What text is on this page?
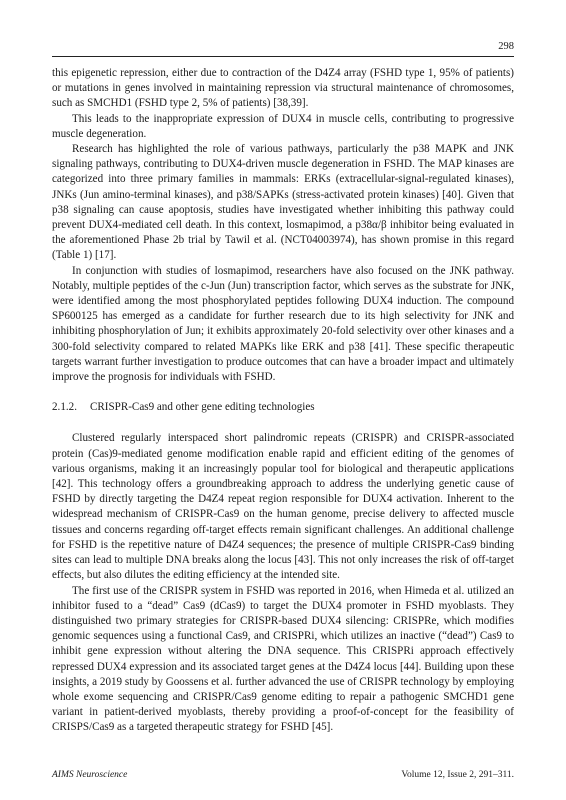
298

this epigenetic repression, either due to contraction of the D4Z4 array (FSHD type 1, 95% of patients) or mutations in genes involved in maintaining repression via structural maintenance of chromosomes, such as SMCHD1 (FSHD type 2, 5% of patients) [38,39].

This leads to the inappropriate expression of DUX4 in muscle cells, contributing to progressive muscle degeneration.

Research has highlighted the role of various pathways, particularly the p38 MAPK and JNK signaling pathways, contributing to DUX4-driven muscle degeneration in FSHD. The MAP kinases are categorized into three primary families in mammals: ERKs (extracellular-signal-regulated kinases), JNKs (Jun amino-terminal kinases), and p38/SAPKs (stress-activated protein kinases) [40]. Given that p38 signaling can cause apoptosis, studies have investigated whether inhibiting this pathway could prevent DUX4-mediated cell death. In this context, losmapimod, a p38α/β inhibitor being evaluated in the aforementioned Phase 2b trial by Tawil et al. (NCT04003974), has shown promise in this regard (Table 1) [17].

In conjunction with studies of losmapimod, researchers have also focused on the JNK pathway. Notably, multiple peptides of the c-Jun (Jun) transcription factor, which serves as the substrate for JNK, were identified among the most phosphorylated peptides following DUX4 induction. The compound SP600125 has emerged as a candidate for further research due to its high selectivity for JNK and inhibiting phosphorylation of Jun; it exhibits approximately 20-fold selectivity over other kinases and a 300-fold selectivity compared to related MAPKs like ERK and p38 [41]. These specific therapeutic targets warrant further investigation to produce outcomes that can have a broader impact and ultimately improve the prognosis for individuals with FSHD.

2.1.2. CRISPR-Cas9 and other gene editing technologies

Clustered regularly interspaced short palindromic repeats (CRISPR) and CRISPR-associated protein (Cas)9-mediated genome modification enable rapid and efficient editing of the genomes of various organisms, making it an increasingly popular tool for biological and therapeutic applications [42]. This technology offers a groundbreaking approach to address the underlying genetic cause of FSHD by directly targeting the D4Z4 repeat region responsible for DUX4 activation. Inherent to the widespread mechanism of CRISPR-Cas9 on the human genome, precise delivery to affected muscle tissues and concerns regarding off-target effects remain significant challenges. An additional challenge for FSHD is the repetitive nature of D4Z4 sequences; the presence of multiple CRISPR-Cas9 binding sites can lead to multiple DNA breaks along the locus [43]. This not only increases the risk of off-target effects, but also dilutes the editing efficiency at the intended site.

The first use of the CRISPR system in FSHD was reported in 2016, when Himeda et al. utilized an inhibitor fused to a “dead” Cas9 (dCas9) to target the DUX4 promoter in FSHD myoblasts. They distinguished two primary strategies for CRISPR-based DUX4 silencing: CRISPRe, which modifies genomic sequences using a functional Cas9, and CRISPRi, which utilizes an inactive (“dead”) Cas9 to inhibit gene expression without altering the DNA sequence. This CRISPRi approach effectively repressed DUX4 expression and its associated target genes at the D4Z4 locus [44]. Building upon these insights, a 2019 study by Goossens et al. further advanced the use of CRISPR technology by employing whole exome sequencing and CRISPR/Cas9 genome editing to repair a pathogenic SMCHD1 gene variant in patient-derived myoblasts, thereby providing a proof-of-concept for the feasibility of CRISPS/Cas9 as a targeted therapeutic strategy for FSHD [45].

AIMS Neuroscience	Volume 12, Issue 2, 291–311.
